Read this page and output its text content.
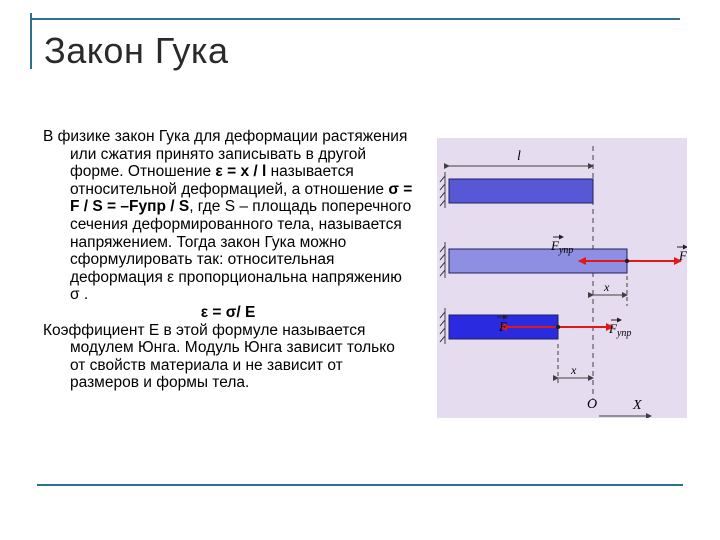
Закон Гука

В физике закон Гука для деформации растяжения или сжатия принято записывать в другой форме. Отношение ε = x / l называется относительной деформацией, а отношение σ = F / S = –Fупр / S, где S – площадь поперечного сечения деформированного тела, называется напряжением. Тогда закон Гука можно сформулировать так: относительная деформация ε пропорциональна напряжению σ .

ε = σ/ E

Коэффициент E в этой формуле называется модулем Юнга. Модуль Юнга зависит только от свойств материала и не зависит от размеров и формы тела.

l
$F_{упр}$	F
x
F	$F_{упр}$
x
O	X
